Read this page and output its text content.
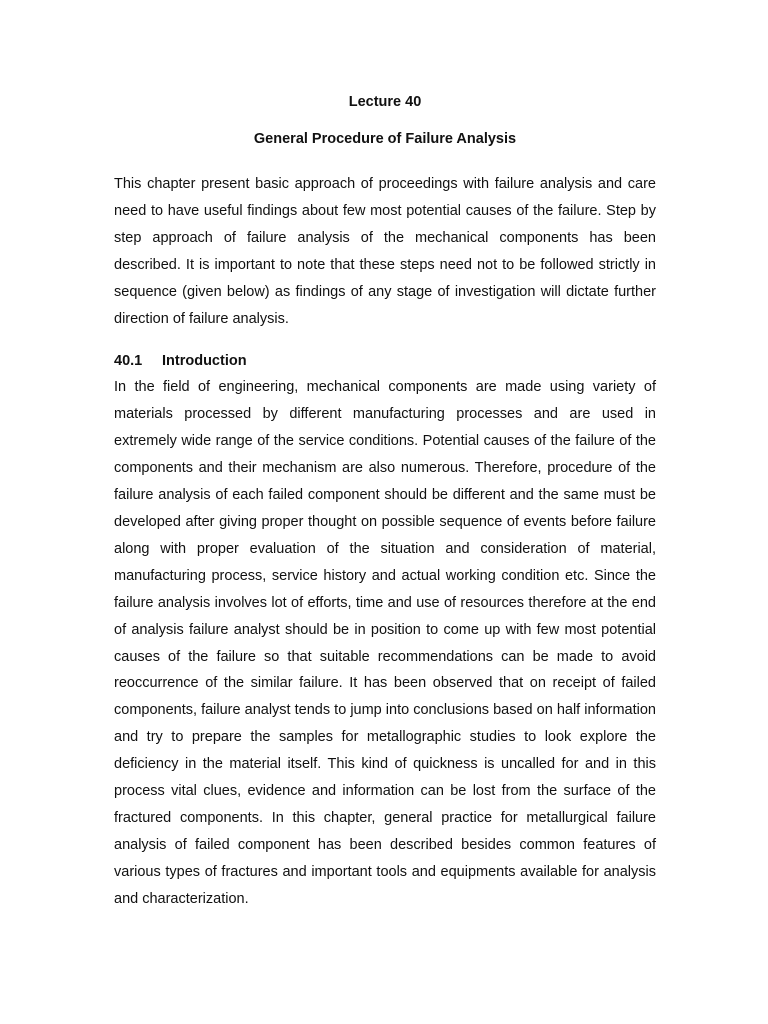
Lecture 40
General Procedure of Failure Analysis

This chapter present basic approach of proceedings with failure analysis and care need to have useful findings about few most potential causes of the failure. Step by step approach of failure analysis of the mechanical components has been described. It is important to note that these steps need not to be followed strictly in sequence (given below) as findings of any stage of investigation will dictate further direction of failure analysis.

40.1	Introduction

In the field of engineering, mechanical components are made using variety of materials processed by different manufacturing processes and are used in extremely wide range of the service conditions. Potential causes of the failure of the components and their mechanism are also numerous. Therefore, procedure of the failure analysis of each failed component should be different and the same must be developed after giving proper thought on possible sequence of events before failure along with proper evaluation of the situation and consideration of material, manufacturing process, service history and actual working condition etc. Since the failure analysis involves lot of efforts, time and use of resources therefore at the end of analysis failure analyst should be in position to come up with few most potential causes of the failure so that suitable recommendations can be made to avoid reoccurrence of the similar failure. It has been observed that on receipt of failed components, failure analyst tends to jump into conclusions based on half information and try to prepare the samples for metallographic studies to look explore the deficiency in the material itself. This kind of quickness is uncalled for and in this process vital clues, evidence and information can be lost from the surface of the fractured components. In this chapter, general practice for metallurgical failure analysis of failed component has been described besides common features of various types of fractures and important tools and equipments available for analysis and characterization.
